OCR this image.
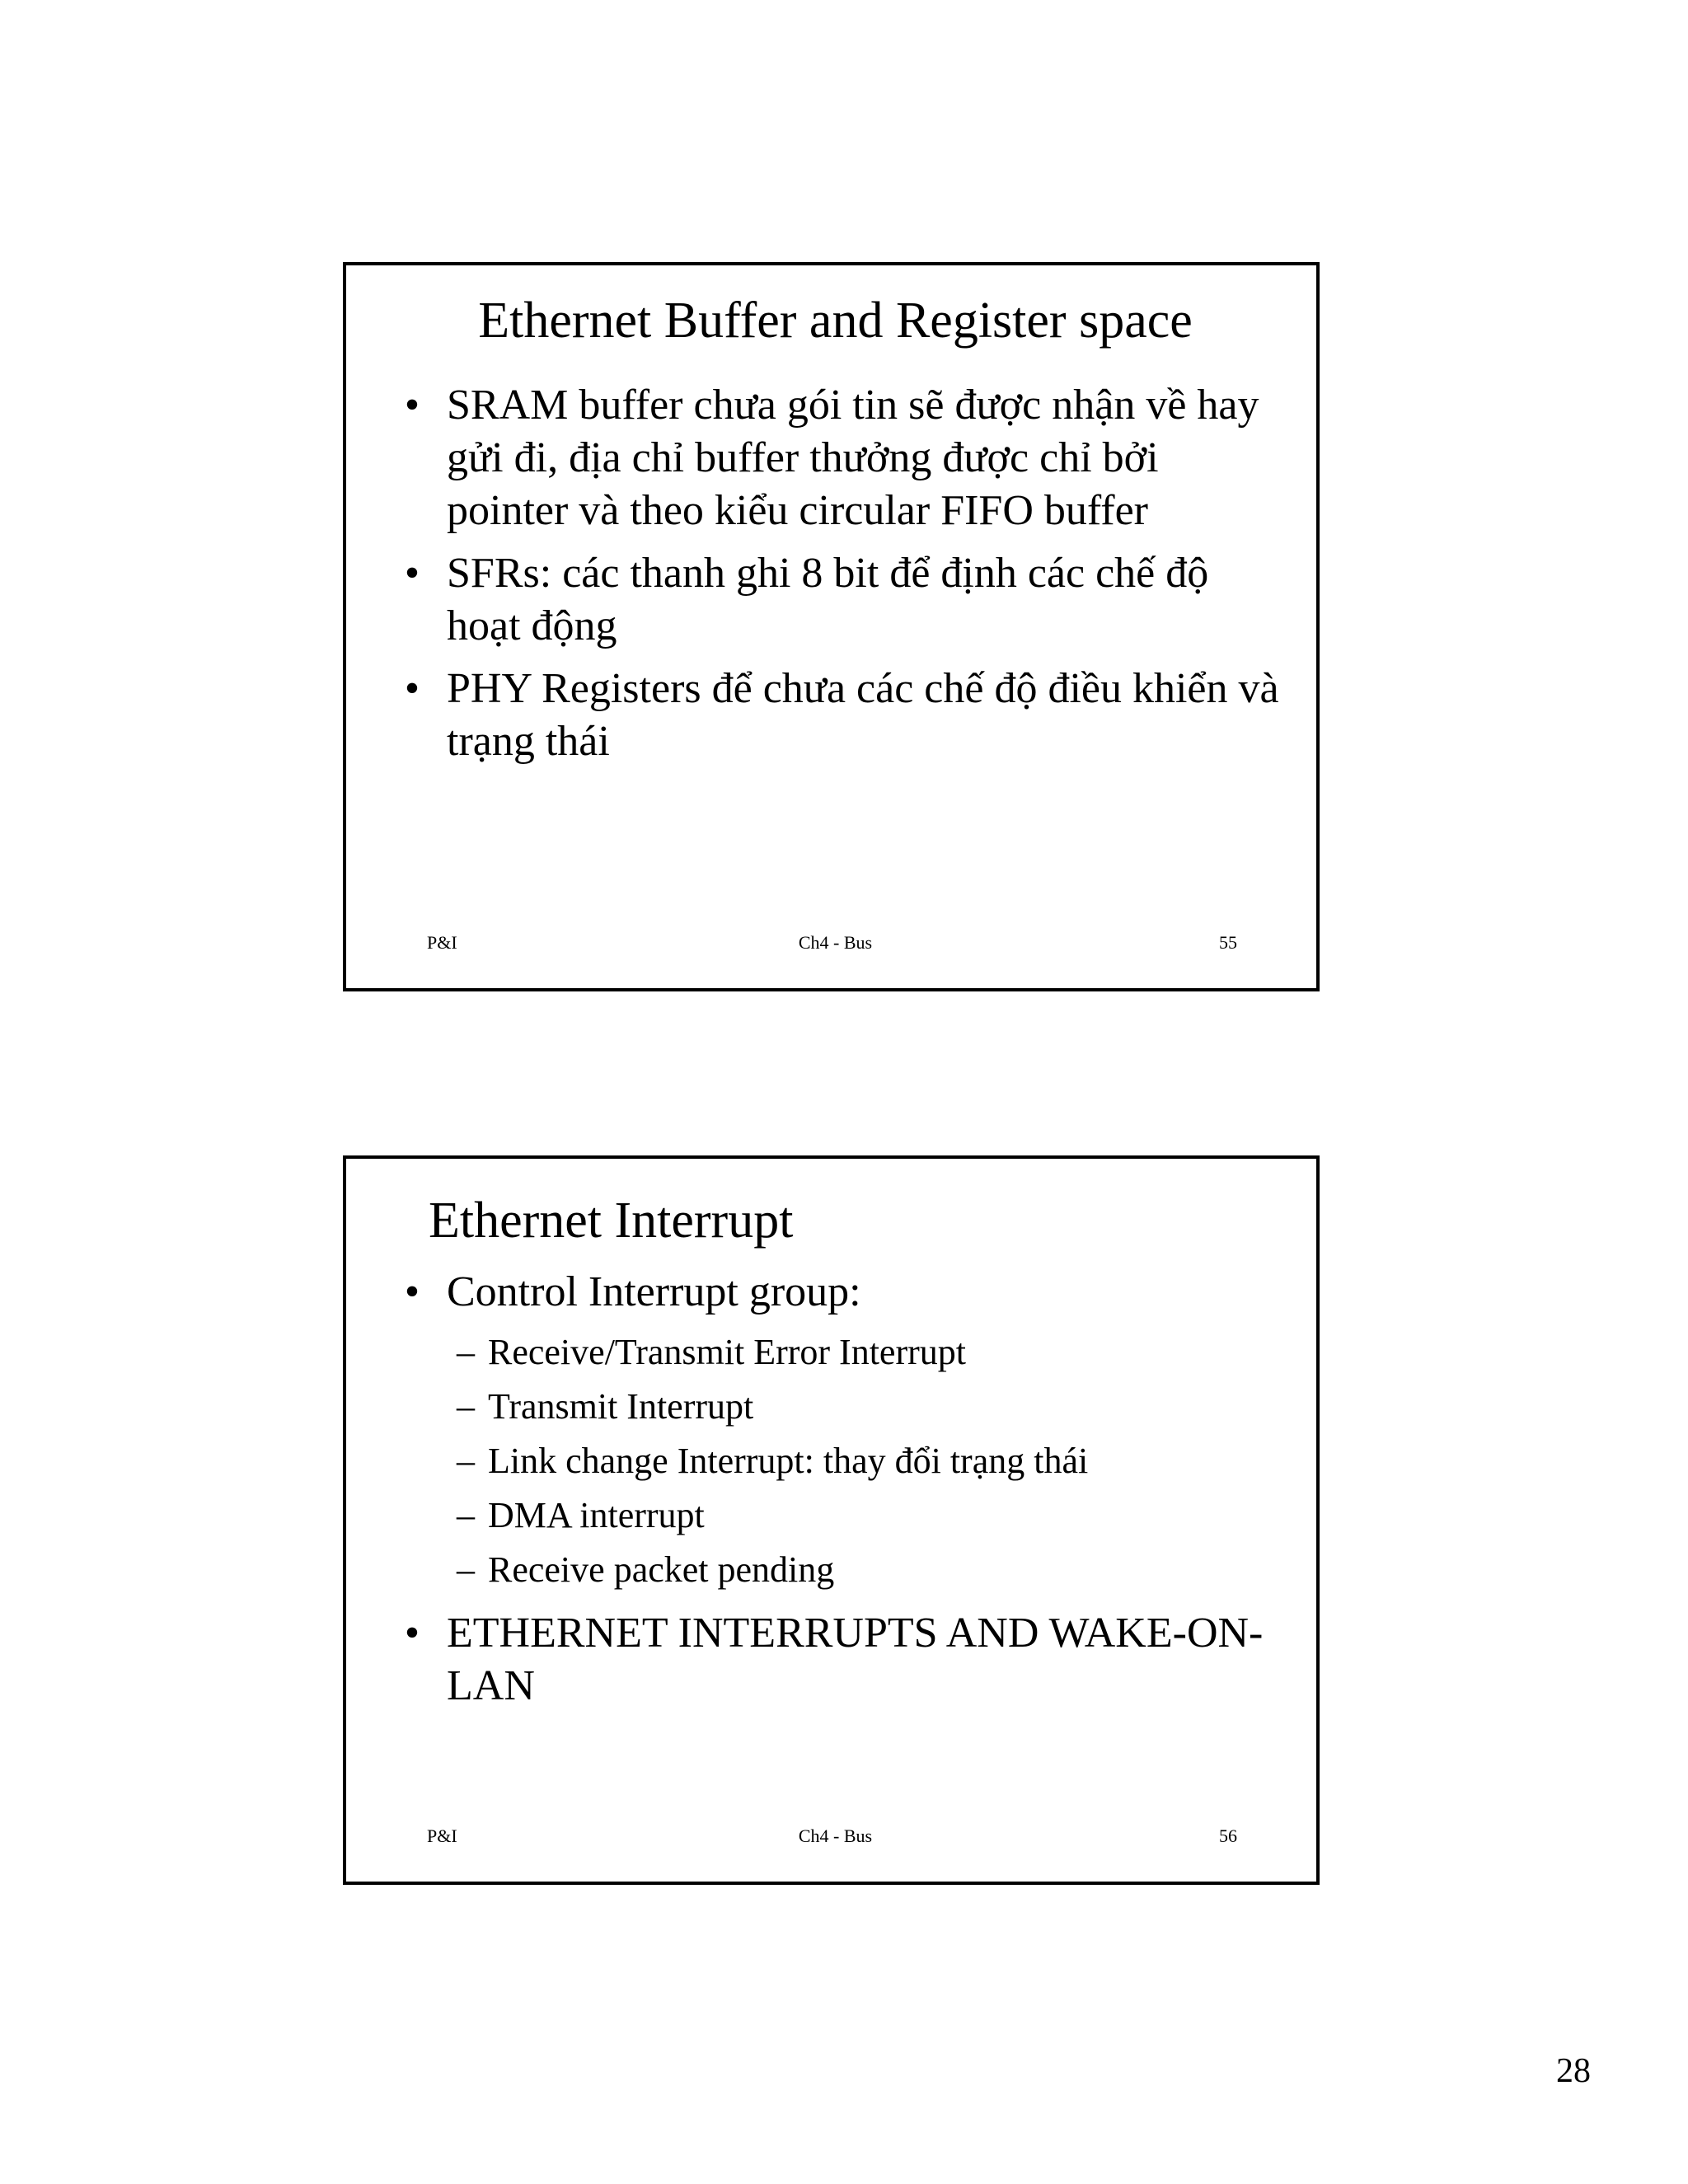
Ethernet Buffer and Register space
• SRAM buffer chưa gói tin sẽ được nhận về hay gửi đi, địa chỉ buffer thưởng được chỉ bởi pointer và theo kiểu circular FIFO buffer
• SFRs: các thanh ghi 8 bit để định các chế độ hoạt động
• PHY Registers để chưa các chế độ điều khiển và trạng thái
P&I	Ch4 - Bus	55
Ethernet Interrupt
• Control Interrupt group:
– Receive/Transmit Error Interrupt
– Transmit Interrupt
– Link change Interrupt: thay đổi trạng thái
– DMA interrupt
– Receive packet pending
• ETHERNET INTERRUPTS AND WAKE-ON-LAN
P&I	Ch4 - Bus	56
28
